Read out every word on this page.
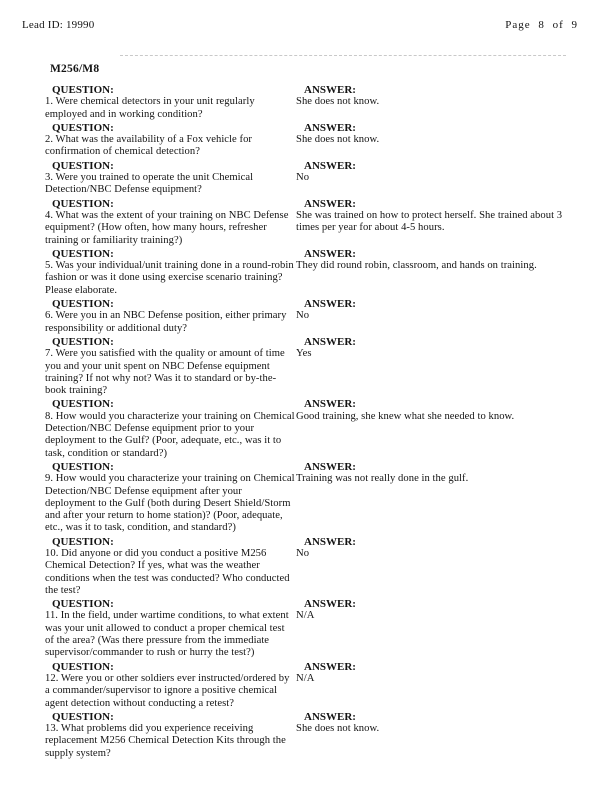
Lead ID: 19990	Page 8 of 9
M256/M8
QUESTION:
1. Were chemical detectors in your unit regularly employed and in working condition?
ANSWER:
She does not know.
QUESTION:
2. What was the availability of a Fox vehicle for confirmation of chemical detection?
ANSWER:
She does not know.
QUESTION:
3. Were you trained to operate the unit Chemical Detection/NBC Defense equipment?
ANSWER:
No
QUESTION:
4. What was the extent of your training on NBC Defense equipment? (How often, how many hours, refresher training or familiarity training?)
ANSWER:
She was trained on how to protect herself. She trained about 3 times per year for about 4-5 hours.
QUESTION:
5. Was your individual/unit training done in a round-robin fashion or was it done using exercise scenario training? Please elaborate.
ANSWER:
They did round robin, classroom, and hands on training.
QUESTION:
6. Were you in an NBC Defense position, either primary responsibility or additional duty?
ANSWER:
No
QUESTION:
7. Were you satisfied with the quality or amount of time you and your unit spent on NBC Defense equipment training? If not why not? Was it to standard or by-the-book training?
ANSWER:
Yes
QUESTION:
8. How would you characterize your training on Chemical Detection/NBC Defense equipment prior to your deployment to the Gulf? (Poor, adequate, etc., was it to task, condition or standard?)
ANSWER:
Good training, she knew what she needed to know.
QUESTION:
9. How would you characterize your training on Chemical Detection/NBC Defense equipment after your deployment to the Gulf (both during Desert Shield/Storm and after your return to home station)? (Poor, adequate, etc., was it to task, condition, and standard?)
ANSWER:
Training was not really done in the gulf.
QUESTION:
10. Did anyone or did you conduct a positive M256 Chemical Detection? If yes, what was the weather conditions when the test was conducted? Who conducted the test?
ANSWER:
No
QUESTION:
11. In the field, under wartime conditions, to what extent was your unit allowed to conduct a proper chemical test of the area? (Was there pressure from the immediate supervisor/commander to rush or hurry the test?)
ANSWER:
N/A
QUESTION:
12. Were you or other soldiers ever instructed/ordered by a commander/supervisor to ignore a positive chemical agent detection without conducting a retest?
ANSWER:
N/A
QUESTION:
13. What problems did you experience receiving replacement M256 Chemical Detection Kits through the supply system?
ANSWER:
She does not know.
